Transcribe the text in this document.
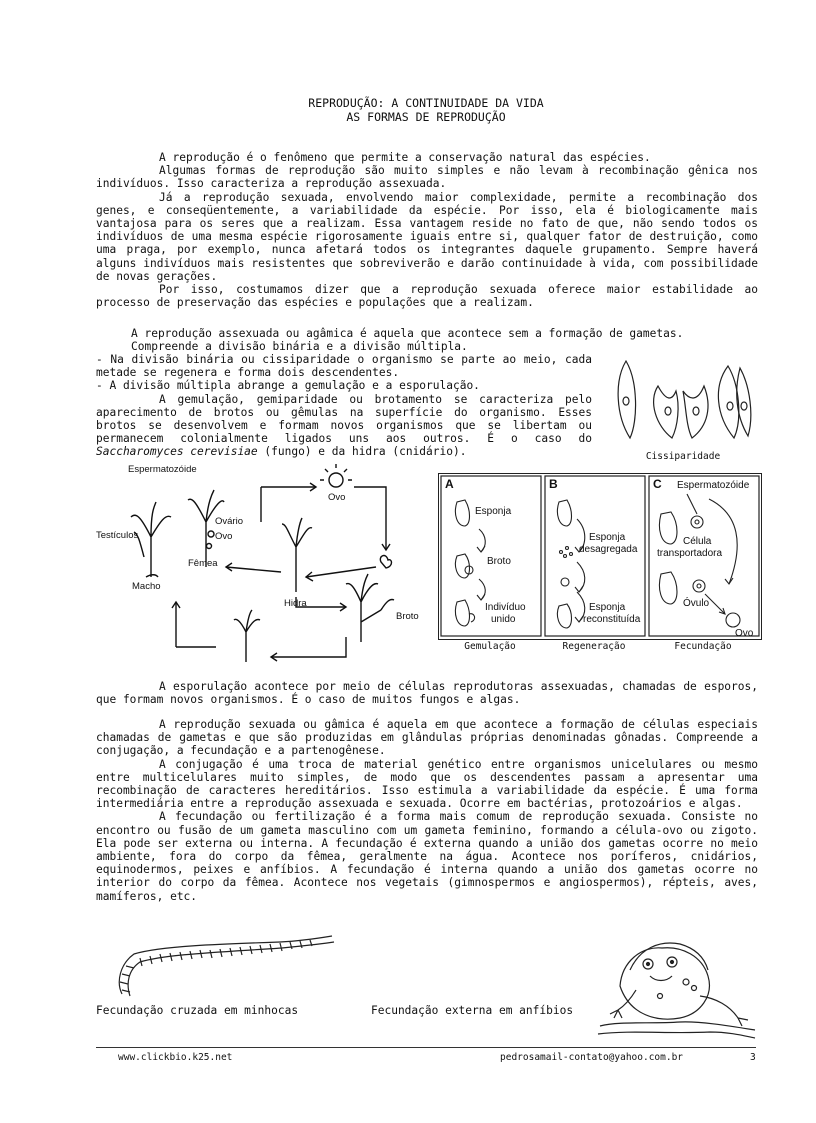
REPRODUÇÃO: A CONTINUIDADE DA VIDA
AS FORMAS DE REPRODUÇÃO

A reprodução é o fenômeno que permite a conservação natural das espécies.

Algumas formas de reprodução são muito simples e não levam à recombinação gênica nos indivíduos. Isso caracteriza a reprodução assexuada.

Já a reprodução sexuada, envolvendo maior complexidade, permite a recombinação dos genes, e conseqüentemente, a variabilidade da espécie. Por isso, ela é biologicamente mais vantajosa para os seres que a realizam. Essa vantagem reside no fato de que, não sendo todos os indivíduos de uma mesma espécie rigorosamente iguais entre si, qualquer fator de destruição, como uma praga, por exemplo, nunca afetará todos os integrantes daquele grupamento. Sempre haverá alguns indivíduos mais resistentes que sobreviverão e darão continuidade à vida, com possibilidade de novas gerações.

Por isso, costumamos dizer que a reprodução sexuada oferece maior estabilidade ao processo de preservação das espécies e populações que a realizam.

A reprodução assexuada ou agâmica é aquela que acontece sem a formação de gametas.

Compreende a divisão binária e a divisão múltipla.

- Na divisão binária ou cissiparidade o organismo se parte ao meio, cada metade se regenera e forma dois descendentes.

- A divisão múltipla abrange a gemulação e a esporulação.

A gemulação, gemiparidade ou brotamento se caracteriza pelo aparecimento de brotos ou gêmulas na superfície do organismo. Esses brotos se desenvolvem e formam novos organismos que se libertam ou permanecem colonialmente ligados uns aos outros. É o caso do Saccharomyces cerevisiae (fungo) e da hidra (cnidário).	Cissiparidade
Espermatozóide
Ovo
Ovário
Ovo
Testículos
Fêmea
Macho
Hidra
Broto
A
Esponja
Broto
Indivíduo
unido
B
Esponja
desagregada
Esponja
reconstituída
C Espermatozóide
Célula
transportadora
Óvulo
Ovo
Gemulação	Regeneração	Fecundação

A esporulação acontece por meio de células reprodutoras assexuadas, chamadas de esporos, que formam novos organismos. É o caso de muitos fungos e algas.

A reprodução sexuada ou gâmica é aquela em que acontece a formação de células especiais chamadas de gametas e que são produzidas em glândulas próprias denominadas gônadas. Compreende a conjugação, a fecundação e a partenogênese.

A conjugação é uma troca de material genético entre organismos unicelulares ou mesmo entre multicelulares muito simples, de modo que os descendentes passam a apresentar uma recombinação de caracteres hereditários. Isso estimula a variabilidade da espécie. É uma forma intermediária entre a reprodução assexuada e sexuada. Ocorre em bactérias, protozoários e algas.

A fecundação ou fertilização é a forma mais comum de reprodução sexuada. Consiste no encontro ou fusão de um gameta masculino com um gameta feminino, formando a célula-ovo ou zigoto. Ela pode ser externa ou interna. A fecundação é externa quando a união dos gametas ocorre no meio ambiente, fora do corpo da fêmea, geralmente na água. Acontece nos poríferos, cnidários, equinodermos, peixes e anfíbios. A fecundação é interna quando a união dos gametas ocorre no interior do corpo da fêmea. Acontece nos vegetais (gimnospermos e angiospermos), répteis, aves, mamíferos, etc.

Fecundação cruzada em minhocas	Fecundação externa em anfíbios
www.clickbio.k25.net	pedrosamail-contato@yahoo.com.br	3
